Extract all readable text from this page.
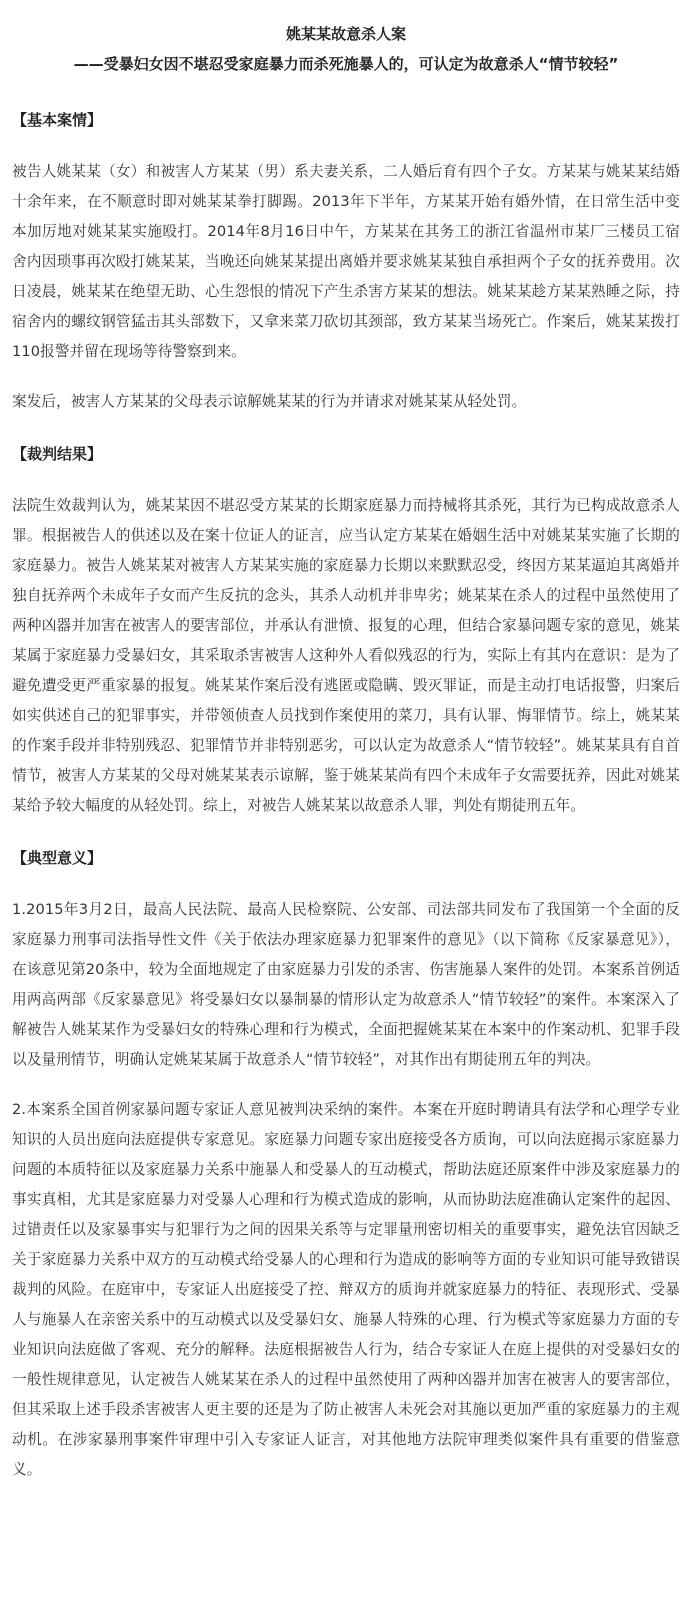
姚某某故意杀人案
——受暴妇女因不堪忍受家庭暴力而杀死施暴人的，可认定为故意杀人“情节较轻”
【基本案情】

被告人姚某某（女）和被害人方某某（男）系夫妻关系，二人婚后育有四个子女。方某某与姚某某结婚十余年来，在不顺意时即对姚某某拳打脚踢。2013年下半年，方某某开始有婚外情，在日常生活中变本加厉地对姚某某实施殴打。2014年8月16日中午，方某某在其务工的浙江省温州市某厂三楼员工宿舍内因琐事再次殴打姚某某，当晚还向姚某某提出离婚并要求姚某某独自承担两个子女的抚养费用。次日凌晨，姚某某在绝望无助、心生怨恨的情况下产生杀害方某某的想法。姚某某趁方某某熟睡之际，持宿舍内的螺纹钢管猛击其头部数下，又拿来菜刀砍切其颈部，致方某某当场死亡。作案后，姚某某拨打110报警并留在现场等待警察到来。

案发后，被害人方某某的父母表示谅解姚某某的行为并请求对姚某某从轻处罚。

【裁判结果】

法院生效裁判认为，姚某某因不堪忍受方某某的长期家庭暴力而持械将其杀死，其行为已构成故意杀人罪。根据被告人的供述以及在案十位证人的证言，应当认定方某某在婚姻生活中对姚某某实施了长期的家庭暴力。被告人姚某某对被害人方某某实施的家庭暴力长期以来默默忍受，终因方某某逼迫其离婚并独自抚养两个未成年子女而产生反抗的念头，其杀人动机并非卑劣；姚某某在杀人的过程中虽然使用了两种凶器并加害在被害人的要害部位，并承认有泄愤、报复的心理，但结合家暴问题专家的意见，姚某某属于家庭暴力受暴妇女，其采取杀害被害人这种外人看似残忍的行为，实际上有其内在意识：是为了避免遭受更严重家暴的报复。姚某某作案后没有逃匿或隐瞒、毁灭罪证，而是主动打电话报警，归案后如实供述自己的犯罪事实，并带领侦查人员找到作案使用的菜刀，具有认罪、悔罪情节。综上，姚某某的作案手段并非特别残忍、犯罪情节并非特别恶劣，可以认定为故意杀人“情节较轻”。姚某某具有自首情节，被害人方某某的父母对姚某某表示谅解，鉴于姚某某尚有四个未成年子女需要抚养，因此对姚某某给予较大幅度的从轻处罚。综上，对被告人姚某某以故意杀人罪，判处有期徒刑五年。

【典型意义】

1.2015年3月2日，最高人民法院、最高人民检察院、公安部、司法部共同发布了我国第一个全面的反家庭暴力刑事司法指导性文件《关于依法办理家庭暴力犯罪案件的意见》（以下简称《反家暴意见》），在该意见第20条中，较为全面地规定了由家庭暴力引发的杀害、伤害施暴人案件的处罚。本案系首例适用两高两部《反家暴意见》将受暴妇女以暴制暴的情形认定为故意杀人“情节较轻”的案件。本案深入了解被告人姚某某作为受暴妇女的特殊心理和行为模式，全面把握姚某某在本案中的作案动机、犯罪手段以及量刑情节，明确认定姚某某属于故意杀人“情节较轻”，对其作出有期徒刑五年的判决。

2.本案系全国首例家暴问题专家证人意见被判决采纳的案件。本案在开庭时聘请具有法学和心理学专业知识的人员出庭向法庭提供专家意见。家庭暴力问题专家出庭接受各方质询，可以向法庭揭示家庭暴力问题的本质特征以及家庭暴力关系中施暴人和受暴人的互动模式，帮助法庭还原案件中涉及家庭暴力的事实真相，尤其是家庭暴力对受暴人心理和行为模式造成的影响，从而协助法庭准确认定案件的起因、过错责任以及家暴事实与犯罪行为之间的因果关系等与定罪量刑密切相关的重要事实，避免法官因缺乏关于家庭暴力关系中双方的互动模式给受暴人的心理和行为造成的影响等方面的专业知识可能导致错误裁判的风险。在庭审中，专家证人出庭接受了控、辩双方的质询并就家庭暴力的特征、表现形式、受暴人与施暴人在亲密关系中的互动模式以及受暴妇女、施暴人特殊的心理、行为模式等家庭暴力方面的专业知识向法庭做了客观、充分的解释。法庭根据被告人行为，结合专家证人在庭上提供的对受暴妇女的一般性规律意见，认定被告人姚某某在杀人的过程中虽然使用了两种凶器并加害在被害人的要害部位，但其采取上述手段杀害被害人更主要的还是为了防止被害人未死会对其施以更加严重的家庭暴力的主观动机。在涉家暴刑事案件审理中引入专家证人证言，对其他地方法院审理类似案件具有重要的借鉴意义。
